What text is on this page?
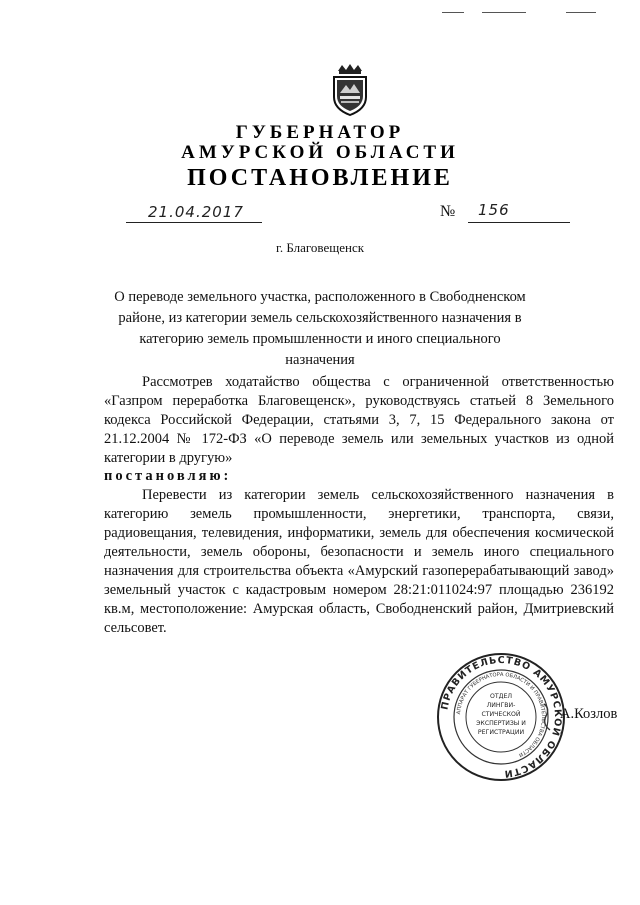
ГУБЕРНАТОР
АМУРСКОЙ ОБЛАСТИ
ПОСТАНОВЛЕНИЕ
21.04.2017	№ 156
г. Благовещенск
О переводе земельного участка, расположенного в Свободненском районе, из категории земель сельскохозяйственного назначения в категорию земель промышленности и иного специального назначения
Рассмотрев ходатайство общества с ограниченной ответственностью «Газпром переработка Благовещенск», руководствуясь статьей 8 Земельного кодекса Российской Федерации, статьями 3, 7, 15 Федерального закона от 21.12.2004 № 172-ФЗ «О переводе земель или земельных участков из одной категории в другую»
постановляю:
Перевести из категории земель сельскохозяйственного назначения в категорию земель промышленности, энергетики, транспорта, связи, радиовещания, телевидения, информатики, земель для обеспечения космической деятельности, земель обороны, безопасности и земель иного специального назначения для строительства объекта «Амурский газоперерабатывающий завод» земельный участок с кадастровым номером 28:21:011024:97 площадью 236192 кв.м, местоположение: Амурская область, Свободненский район, Дмитриевский сельсовет.
ПРАВИТЕЛЬСТВО АМУРСКОЙ ОБЛАСТИ
АППАРАТ ГУБЕРНАТОРА ОБЛАСТИ И ПРАВИТЕЛЬСТВА ОБЛАСТИ
ОТДЕЛ
ЛИНГВИ-
СТИЧЕСКОЙ
ЭКСПЕРТИЗЫ И
РЕГИСТРАЦИИ
А.Козлов
